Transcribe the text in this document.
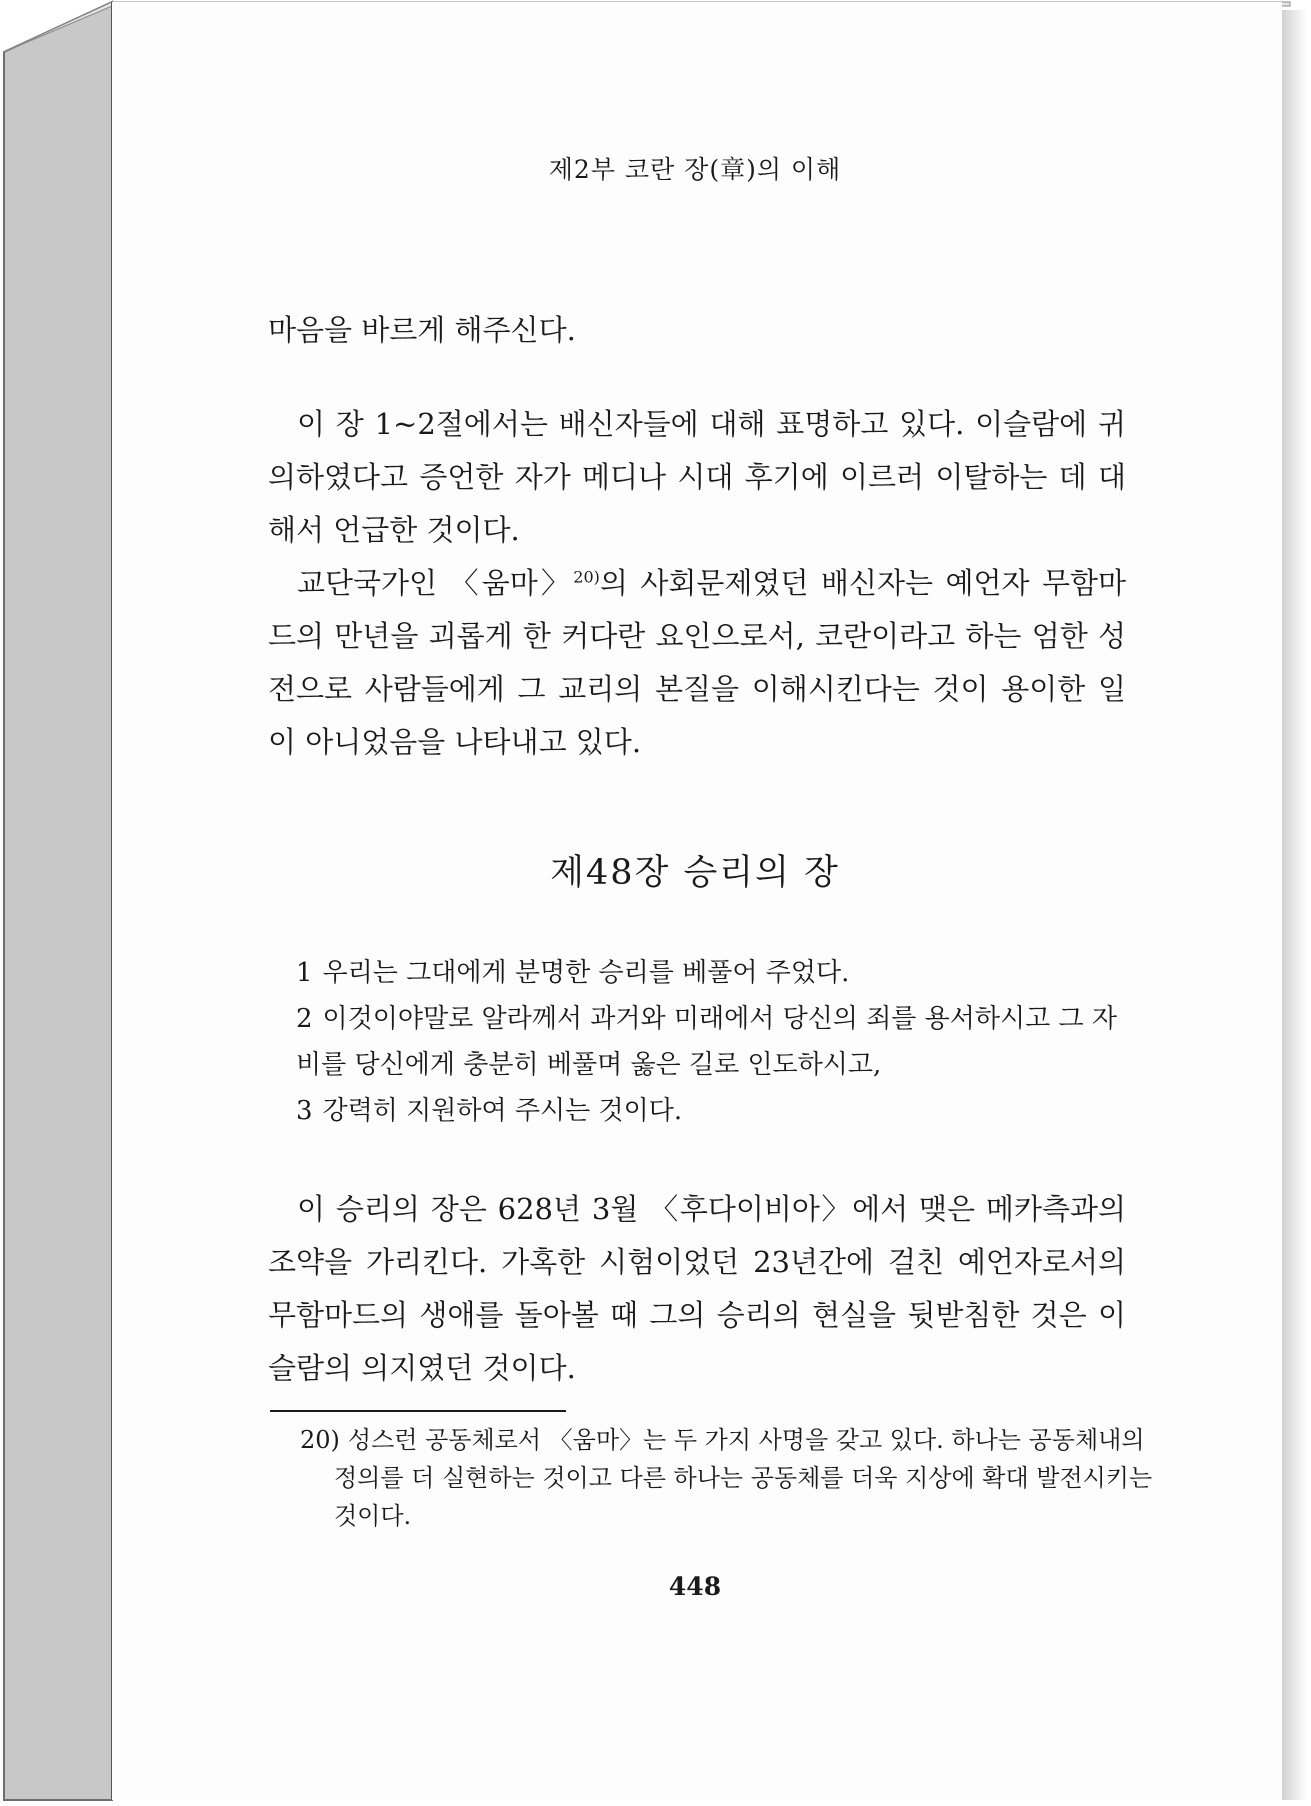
제2부 코란 장(章)의 이해

마음을 바르게 해주신다.

이 장 1~2절에서는 배신자들에 대해 표명하고 있다. 이슬람에 귀의하였다고 증언한 자가 메디나 시대 후기에 이르러 이탈하는 데 대해서 언급한 것이다.

교단국가인 〈움마〉$^{20)}$의 사회문제였던 배신자는 예언자 무함마드의 만년을 괴롭게 한 커다란 요인으로서, 코란이라고 하는 엄한 성전으로 사람들에게 그 교리의 본질을 이해시킨다는 것이 용이한 일이 아니었음을 나타내고 있다.

제48장 승리의 장
1 우리는 그대에게 분명한 승리를 베풀어 주었다.
2 이것이야말로 알라께서 과거와 미래에서 당신의 죄를 용서하시고 그 자비를 당신에게 충분히 베풀며 옳은 길로 인도하시고,
3 강력히 지원하여 주시는 것이다.

이 승리의 장은 628년 3월 〈후다이비아〉에서 맺은 메카측과의 조약을 가리킨다. 가혹한 시험이었던 23년간에 걸친 예언자로서의 무함마드의 생애를 돌아볼 때 그의 승리의 현실을 뒷받침한 것은 이슬람의 의지였던 것이다.

20) 성스런 공동체로서 〈움마〉는 두 가지 사명을 갖고 있다. 하나는 공동체내의 정의를 더 실현하는 것이고 다른 하나는 공동체를 더욱 지상에 확대 발전시키는 것이다.

448
